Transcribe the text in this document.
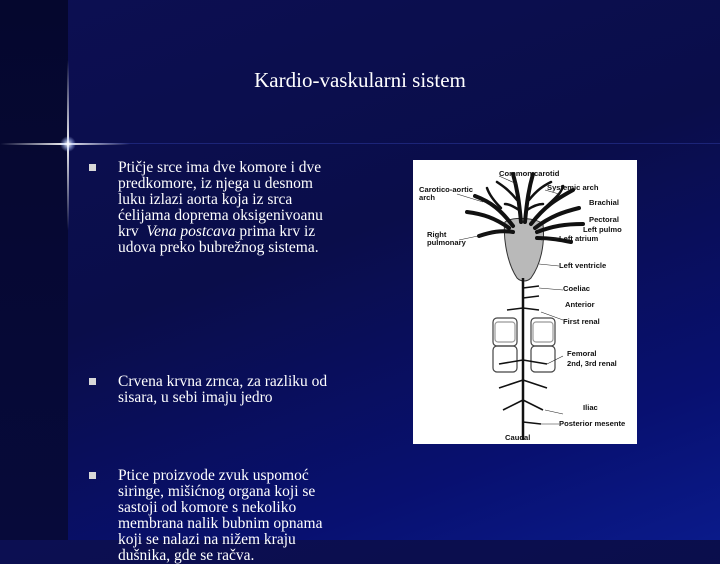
Kardio-vaskularni sistem
Ptičje srce ima dve komore i dve
predkomore, iz njega u desnom
luku izlazi aorta koja iz srca
ćelijama doprema oksigenivoanu
krv  Vena postcava prima krv iz
udova preko bubrežnog sistema.
Crvena krvna zrnca, za razliku od
sisara, u sebi imaju jedro
Ptice proizvode zvuk uspomoć
siringe, mišićnog organa koji se
sastoji od komore s nekoliko
membrana nalik bubnim opnama
koji se nalazi na nižem kraju
dušnika, gde se račva.
Common carotid
Carotico-aortic
arch
Systemic arch
Brachial
Pectoral
Left pulmo
Right
pulmonary	Left atrium
Left ventricle
Coeliac
Anterior
First renal
Femoral
2nd, 3rd renal
Iliac
Posterior mesente
Caudal
